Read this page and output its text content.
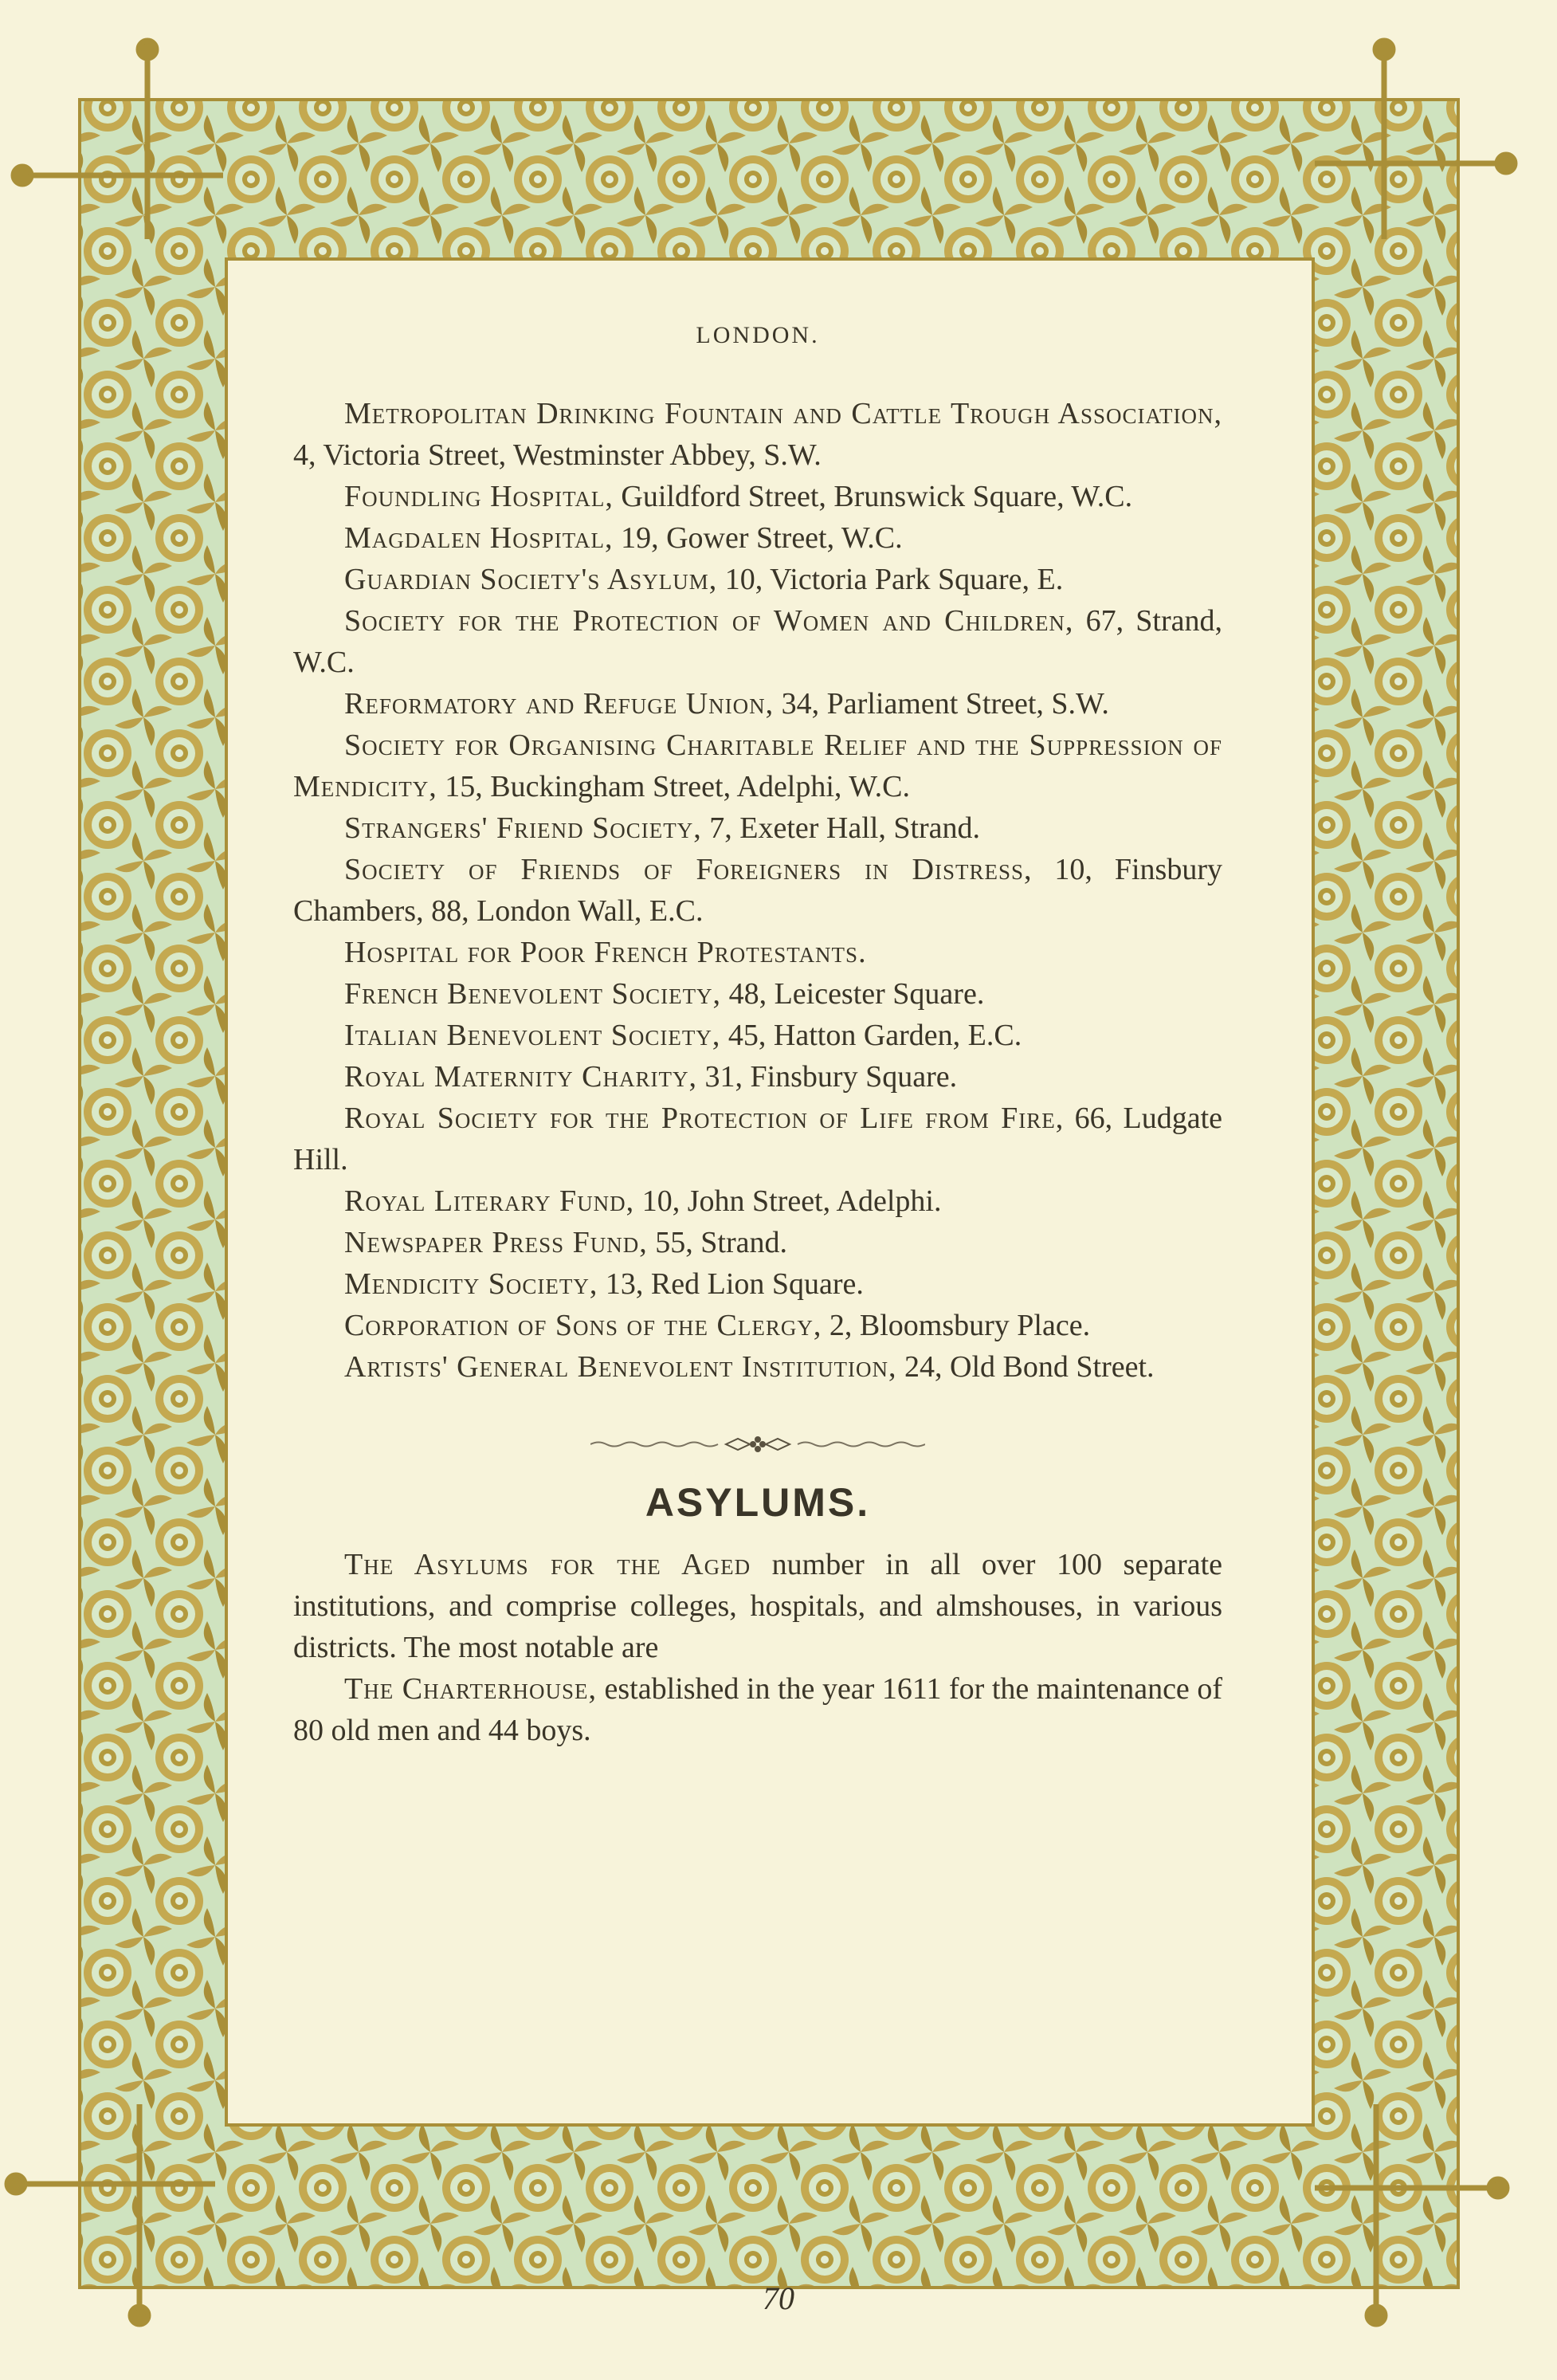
LONDON.

Metropolitan Drinking Fountain and Cattle Trough Association, 4, Victoria Street, Westminster Abbey, S.W.

Foundling Hospital, Guildford Street, Brunswick Square, W.C.

Magdalen Hospital, 19, Gower Street, W.C.

Guardian Society's Asylum, 10, Victoria Park Square, E.

Society for the Protection of Women and Children, 67, Strand, W.C.

Reformatory and Refuge Union, 34, Parliament Street, S.W.

Society for Organising Charitable Relief and the Suppression of Mendicity, 15, Buckingham Street, Adelphi, W.C.

Strangers' Friend Society, 7, Exeter Hall, Strand.

Society of Friends of Foreigners in Distress, 10, Finsbury Chambers, 88, London Wall, E.C.

Hospital for Poor French Protestants.

French Benevolent Society, 48, Leicester Square.

Italian Benevolent Society, 45, Hatton Garden, E.C.

Royal Maternity Charity, 31, Finsbury Square.

Royal Society for the Protection of Life from Fire, 66, Ludgate Hill.

Royal Literary Fund, 10, John Street, Adelphi.

Newspaper Press Fund, 55, Strand.

Mendicity Society, 13, Red Lion Square.

Corporation of Sons of the Clergy, 2, Bloomsbury Place.

Artists' General Benevolent Institution, 24, Old Bond Street.

ASYLUMS.

The Asylums for the Aged number in all over 100 separate institutions, and comprise colleges, hospitals, and almshouses, in various districts. The most notable are

The Charterhouse, established in the year 1611 for the maintenance of 80 old men and 44 boys.

70
